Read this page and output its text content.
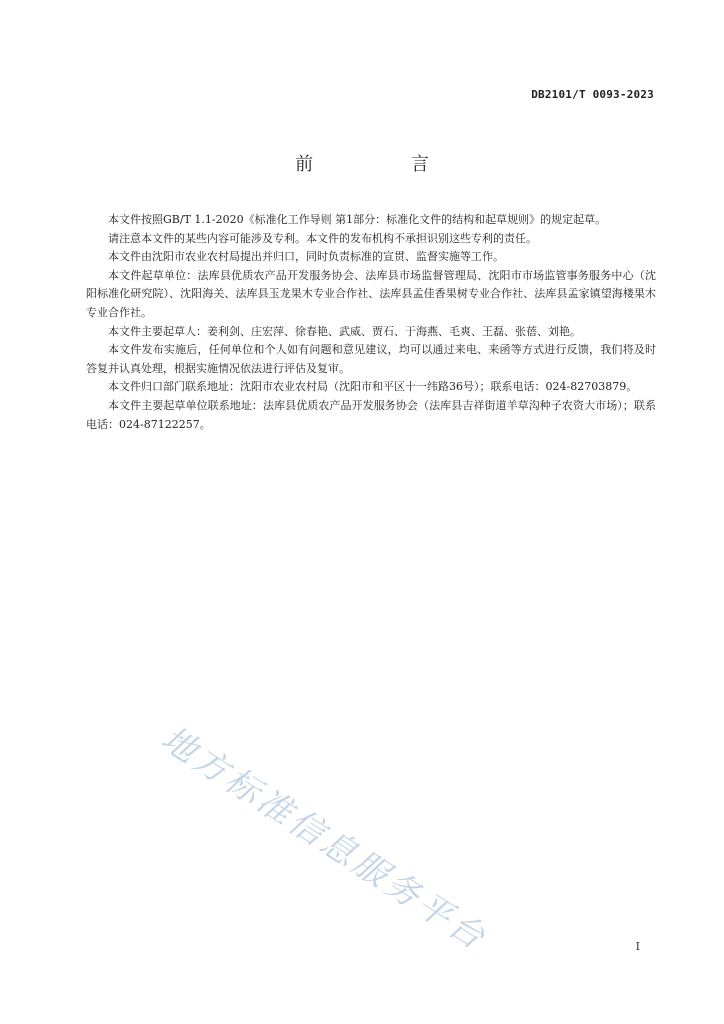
DB2101/T 0093-2023
前 言

本文件按照GB/T 1.1-2020《标准化工作导则 第1部分：标准化文件的结构和起草规则》的规定起草。

请注意本文件的某些内容可能涉及专利。本文件的发布机构不承担识别这些专利的责任。

本文件由沈阳市农业农村局提出并归口，同时负责标准的宣贯、监督实施等工作。

本文件起草单位：法库县优质农产品开发服务协会、法库县市场监督管理局、沈阳市市场监管事务服务中心（沈阳标准化研究院）、沈阳海关、法库县玉龙果木专业合作社、法库县孟佳香果树专业合作社、法库县孟家镇望海楼果木专业合作社。

本文件主要起草人：姜利剑、庄宏萍、徐春艳、武威、贾石、于海燕、毛爽、王磊、张蓓、刘艳。

本文件发布实施后，任何单位和个人如有问题和意见建议，均可以通过来电、来函等方式进行反馈，我们将及时答复并认真处理，根据实施情况依法进行评估及复审。

本文件归口部门联系地址：沈阳市农业农村局（沈阳市和平区十一纬路36号）；联系电话：024-82703879。

本文件主要起草单位联系地址：法库县优质农产品开发服务协会（法库县吉祥街道羊草沟种子农资大市场）；联系电话：024-87122257。

地方标准信息服务平台	I
